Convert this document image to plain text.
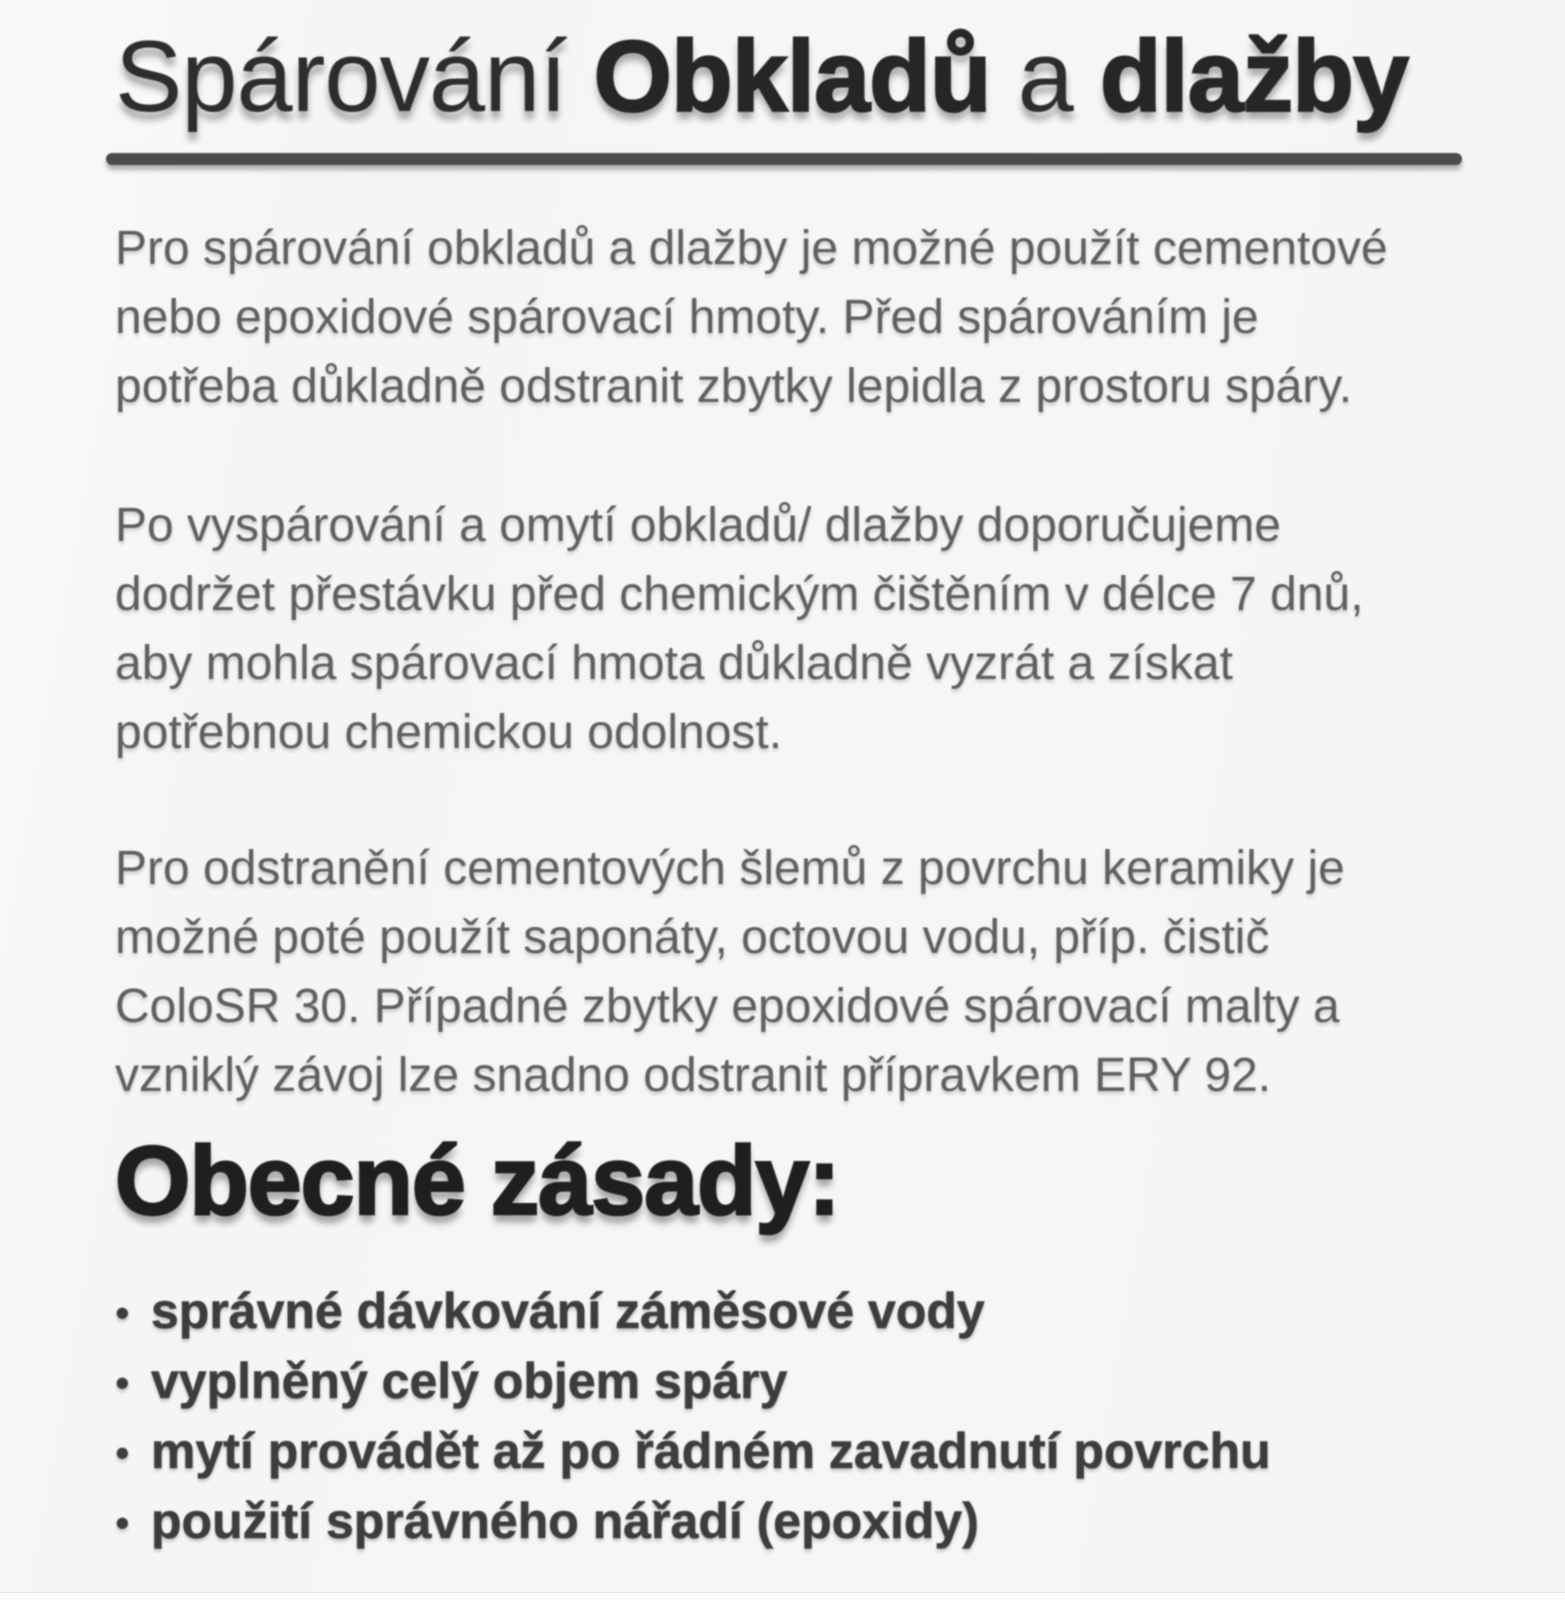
Spárování Obkladů a dlažby
Pro spárování obkladů a dlažby je možné použít cementové
nebo epoxidové spárovací hmoty. Před spárováním je
potřeba důkladně odstranit zbytky lepidla z prostoru spáry.
Po vyspárování a omytí obkladů/ dlažby doporučujeme
dodržet přestávku před chemickým čištěním v délce 7 dnů,
aby mohla spárovací hmota důkladně vyzrát a získat
potřebnou chemickou odolnost.
Pro odstranění cementových šlemů z povrchu keramiky je
možné poté použít saponáty, octovou vodu, příp. čistič
ColoSR 30. Případné zbytky epoxidové spárovací malty a
vzniklý závoj lze snadno odstranit přípravkem ERY 92.
Obecné zásady:
• správné dávkování záměsové vody
• vyplněný celý objem spáry
• mytí provádět až po řádném zavadnutí povrchu
• použití správného nářadí (epoxidy)
